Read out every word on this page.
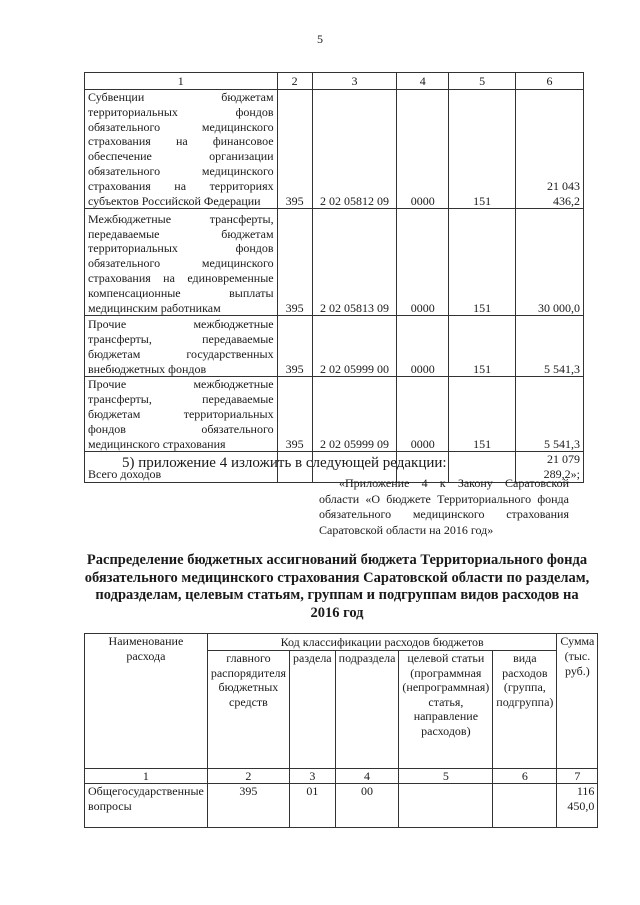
5
1	2	3	4	5	6
Субвенции бюджетам территориальных фондов обязательного медицинского страхования на финансовое обеспечение организации обязательного медицинского страхования на территориях субъектов Российской Федерации	395	2 02 05812 09	0000	151	21 043 436,2
Межбюджетные трансферты, передаваемые бюджетам территориальных фондов обязательного медицинского страхования на единовременные компенсационные выплаты медицинским работникам	395	2 02 05813 09	0000	151	30 000,0
Прочие межбюджетные трансферты, передаваемые бюджетам государственных внебюджетных фондов	395	2 02 05999 00	0000	151	5 541,3
Прочие межбюджетные трансферты, передаваемые бюджетам территориальных фондов обязательного медицинского страхования	395	2 02 05999 09	0000	151	5 541,3
Всего доходов					21 079 289,2»;
5) приложение 4 изложить в следующей редакции:
«Приложение 4 к Закону Саратовской области «О бюджете Территориального фонда обязательного медицинского страхования Саратовской области на 2016 год»
Распределение бюджетных ассигнований бюджета Территориального фонда обязательного медицинского страхования Саратовской области по разделам, подразделам, целевым статьям, группам и подгруппам видов расходов на 2016 год
Наименование расхода	Код классификации расходов бюджетов					Сумма (тыс. руб.)
	главного распорядителя бюджетных средств	раздела	подраздела	целевой статьи (программная (непрограммная) статья, направление расходов)	вида расходов (группа, подгруппа)	
1	2	3	4	5	6	7
Общегосударственные вопросы	395	01	00			116 450,0
